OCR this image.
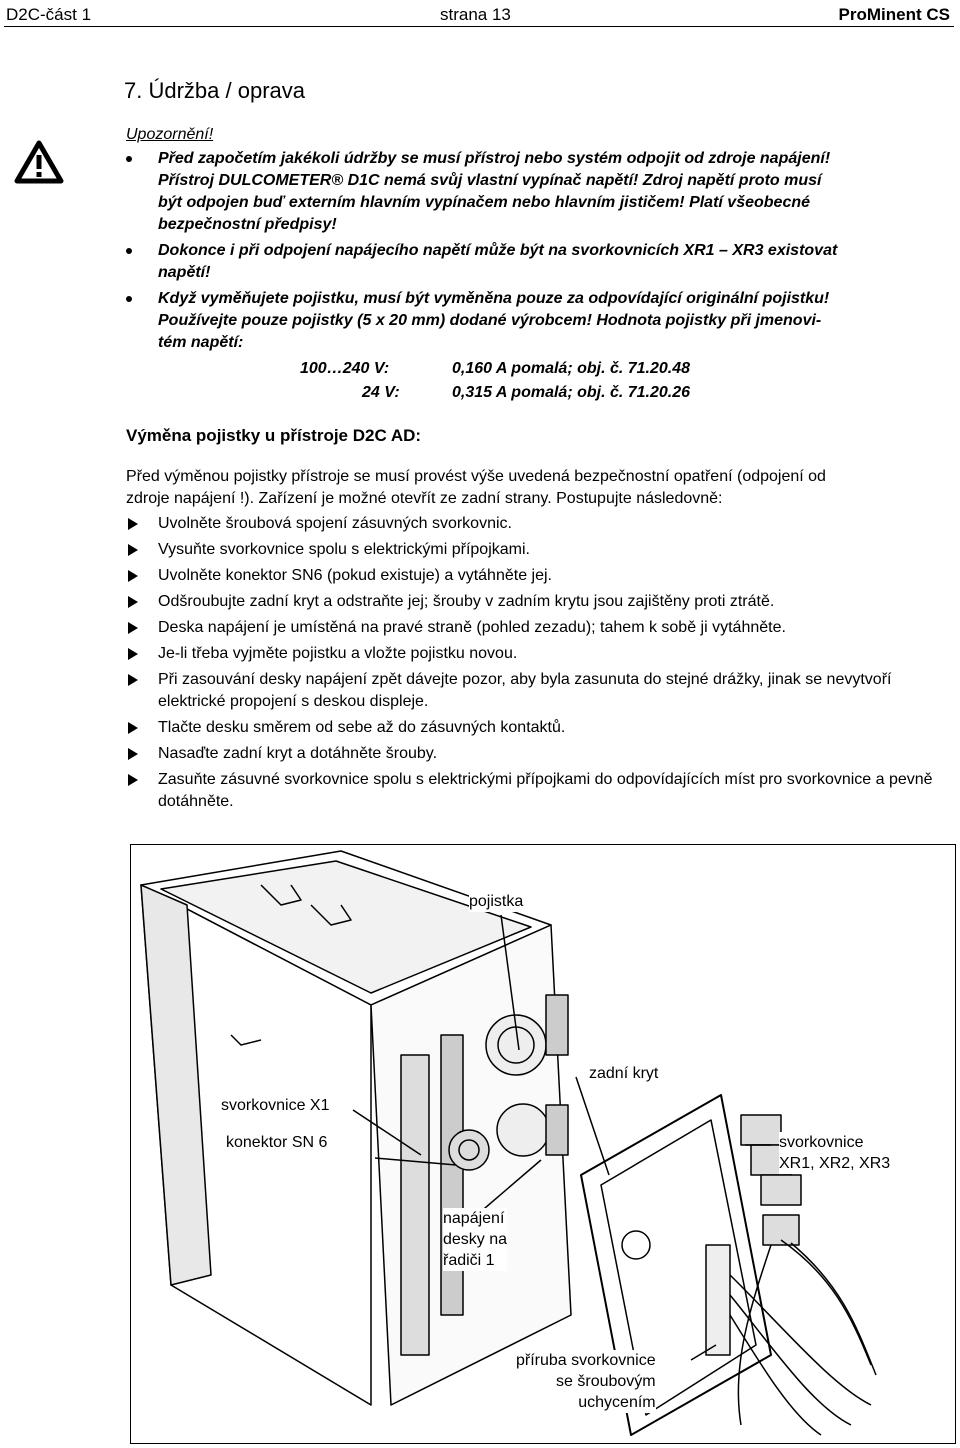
D2C-část 1	strana 13	ProMinent CS
7. Údržba / oprava
Upozornění!

Před započetím jakékoli údržby se musí přístroj nebo systém odpojit od zdroje napájení!

Přístroj DULCOMETER® D1C nemá svůj vlastní vypínač napětí! Zdroj napětí proto musí

být odpojen buď externím hlavním vypínačem nebo hlavním jističem! Platí všeobecné

bezpečnostní předpisy!

Dokonce i při odpojení napájecího napětí může být na svorkovnicích XR1 – XR3 existovat

napětí!

Když vyměňujete pojistku, musí být vyměněna pouze za odpovídající originální pojistku!

Používejte pouze pojistky (5 x 20 mm) dodané výrobcem! Hodnota pojistky při jmenovi-

tém napětí:

100…240 V:	0,160 A pomalá; obj. č. 71.20.48
24 V:	0,315 A pomalá; obj. č. 71.20.26
Výměna pojistky u přístroje D2C AD:
Před výměnou pojistky přístroje se musí provést výše uvedená bezpečnostní opatření (odpojení od
zdroje napájení !). Zařízení je možné otevřít ze zadní strany. Postupujte následovně:
Uvolněte šroubová spojení zásuvných svorkovnic.
Vysuňte svorkovnice spolu s elektrickými přípojkami.
Uvolněte konektor SN6 (pokud existuje) a vytáhněte jej.
Odšroubujte zadní kryt a odstraňte jej; šrouby v zadním krytu jsou zajištěny proti ztrátě.
Deska napájení je umístěná na pravé straně (pohled zezadu); tahem k sobě ji vytáhněte.
Je-li třeba vyjměte pojistku a vložte pojistku novou.
Při zasouvání desky napájení zpět dávejte pozor, aby byla zasunuta do stejné drážky, jinak se nevytvoří elektrické propojení s deskou displeje.
Tlačte desku směrem od sebe až do zásuvných kontaktů.
Nasaďte zadní kryt a dotáhněte šrouby.
Zasuňte zásuvné svorkovnice spolu s elektrickými přípojkami do odpovídajících míst pro svorkovnice a pevně dotáhněte.
pojistka
zadní kryt
svorkovnice X1
konektor SN 6	svorkovnice
XR1, XR2, XR3
napájení
desky na
řadiči 1
příruba svorkovnice
se šroubovým
uchycením
